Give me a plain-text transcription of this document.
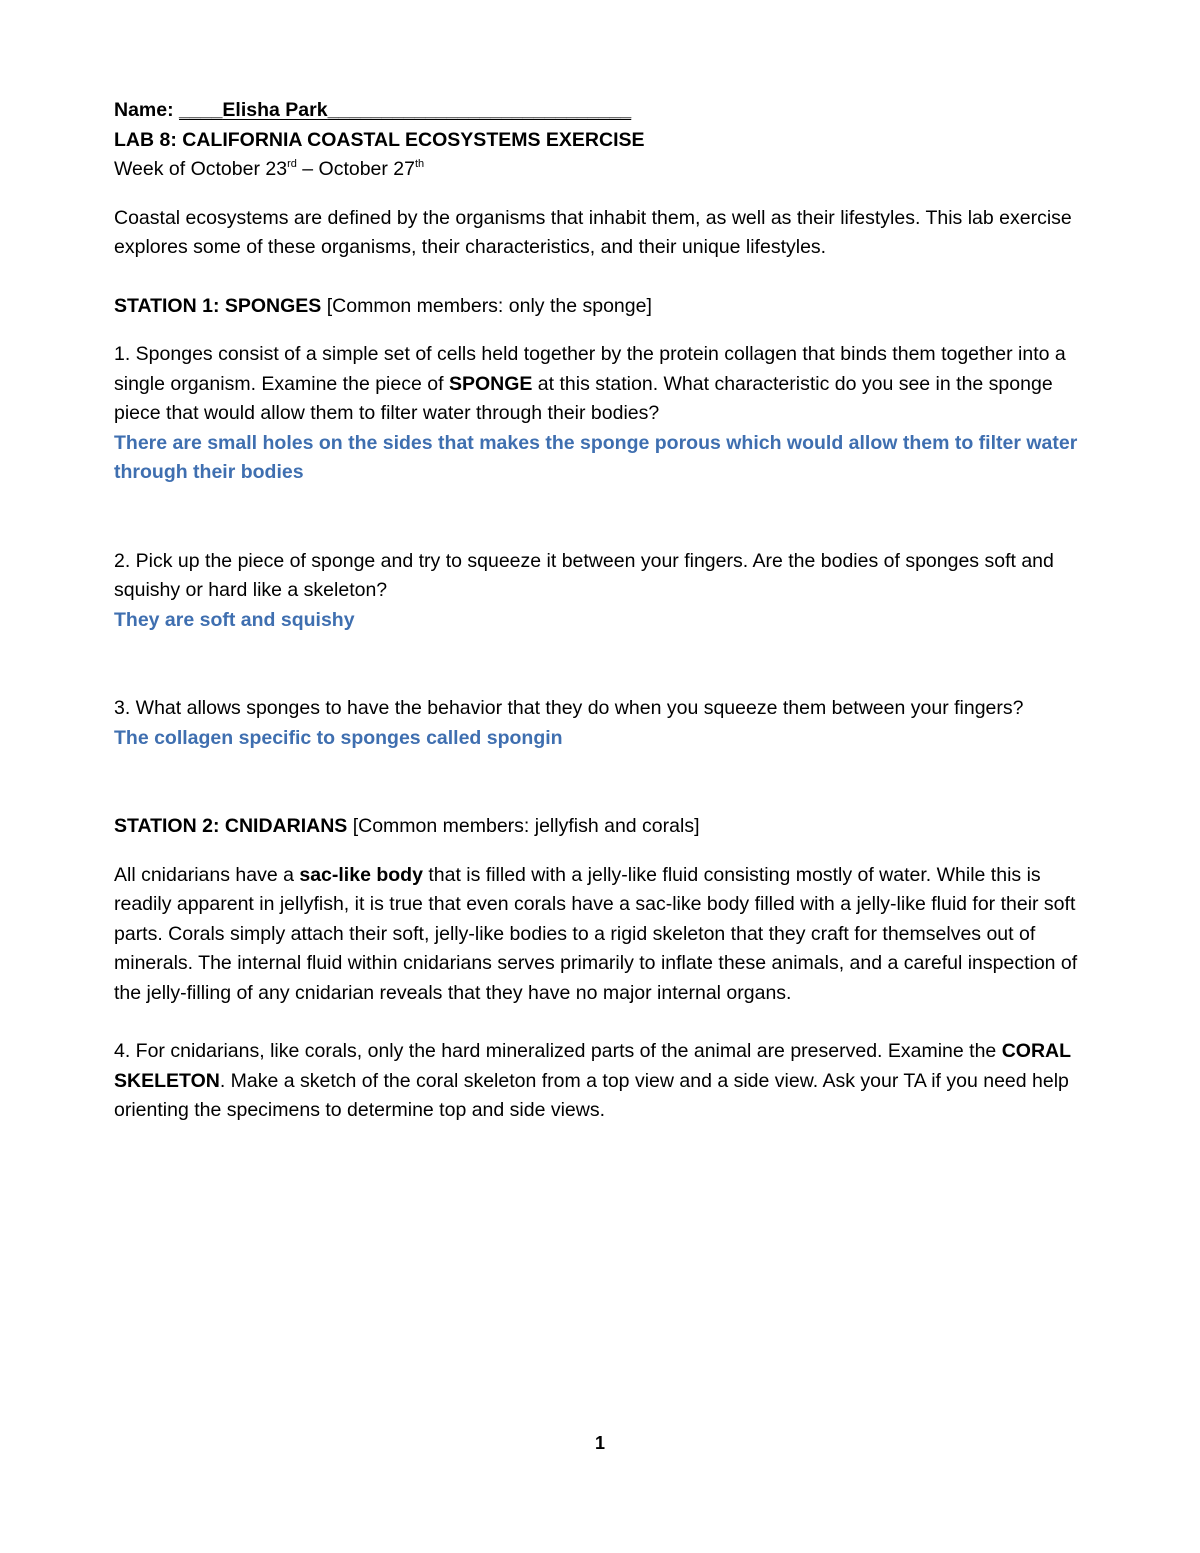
Name: ____Elisha Park____________________________

LAB 8: CALIFORNIA COASTAL ECOSYSTEMS EXERCISE

Week of October 23rd – October 27th

Coastal ecosystems are defined by the organisms that inhabit them, as well as their lifestyles. This lab exercise explores some of these organisms, their characteristics, and their unique lifestyles.

STATION 1: SPONGES [Common members: only the sponge]

1. Sponges consist of a simple set of cells held together by the protein collagen that binds them together into a single organism. Examine the piece of SPONGE at this station. What characteristic do you see in the sponge piece that would allow them to filter water through their bodies?

There are small holes on the sides that makes the sponge porous which would allow them to filter water through their bodies

2. Pick up the piece of sponge and try to squeeze it between your fingers. Are the bodies of sponges soft and squishy or hard like a skeleton?

They are soft and squishy

3. What allows sponges to have the behavior that they do when you squeeze them between your fingers?

The collagen specific to sponges called spongin

STATION 2: CNIDARIANS [Common members: jellyfish and corals]

All cnidarians have a sac-like body that is filled with a jelly-like fluid consisting mostly of water. While this is readily apparent in jellyfish, it is true that even corals have a sac-like body filled with a jelly-like fluid for their soft parts. Corals simply attach their soft, jelly-like bodies to a rigid skeleton that they craft for themselves out of minerals. The internal fluid within cnidarians serves primarily to inflate these animals, and a careful inspection of the jelly-filling of any cnidarian reveals that they have no major internal organs.

4. For cnidarians, like corals, only the hard mineralized parts of the animal are preserved. Examine the CORAL SKELETON. Make a sketch of the coral skeleton from a top view and a side view. Ask your TA if you need help orienting the specimens to determine top and side views.

1
